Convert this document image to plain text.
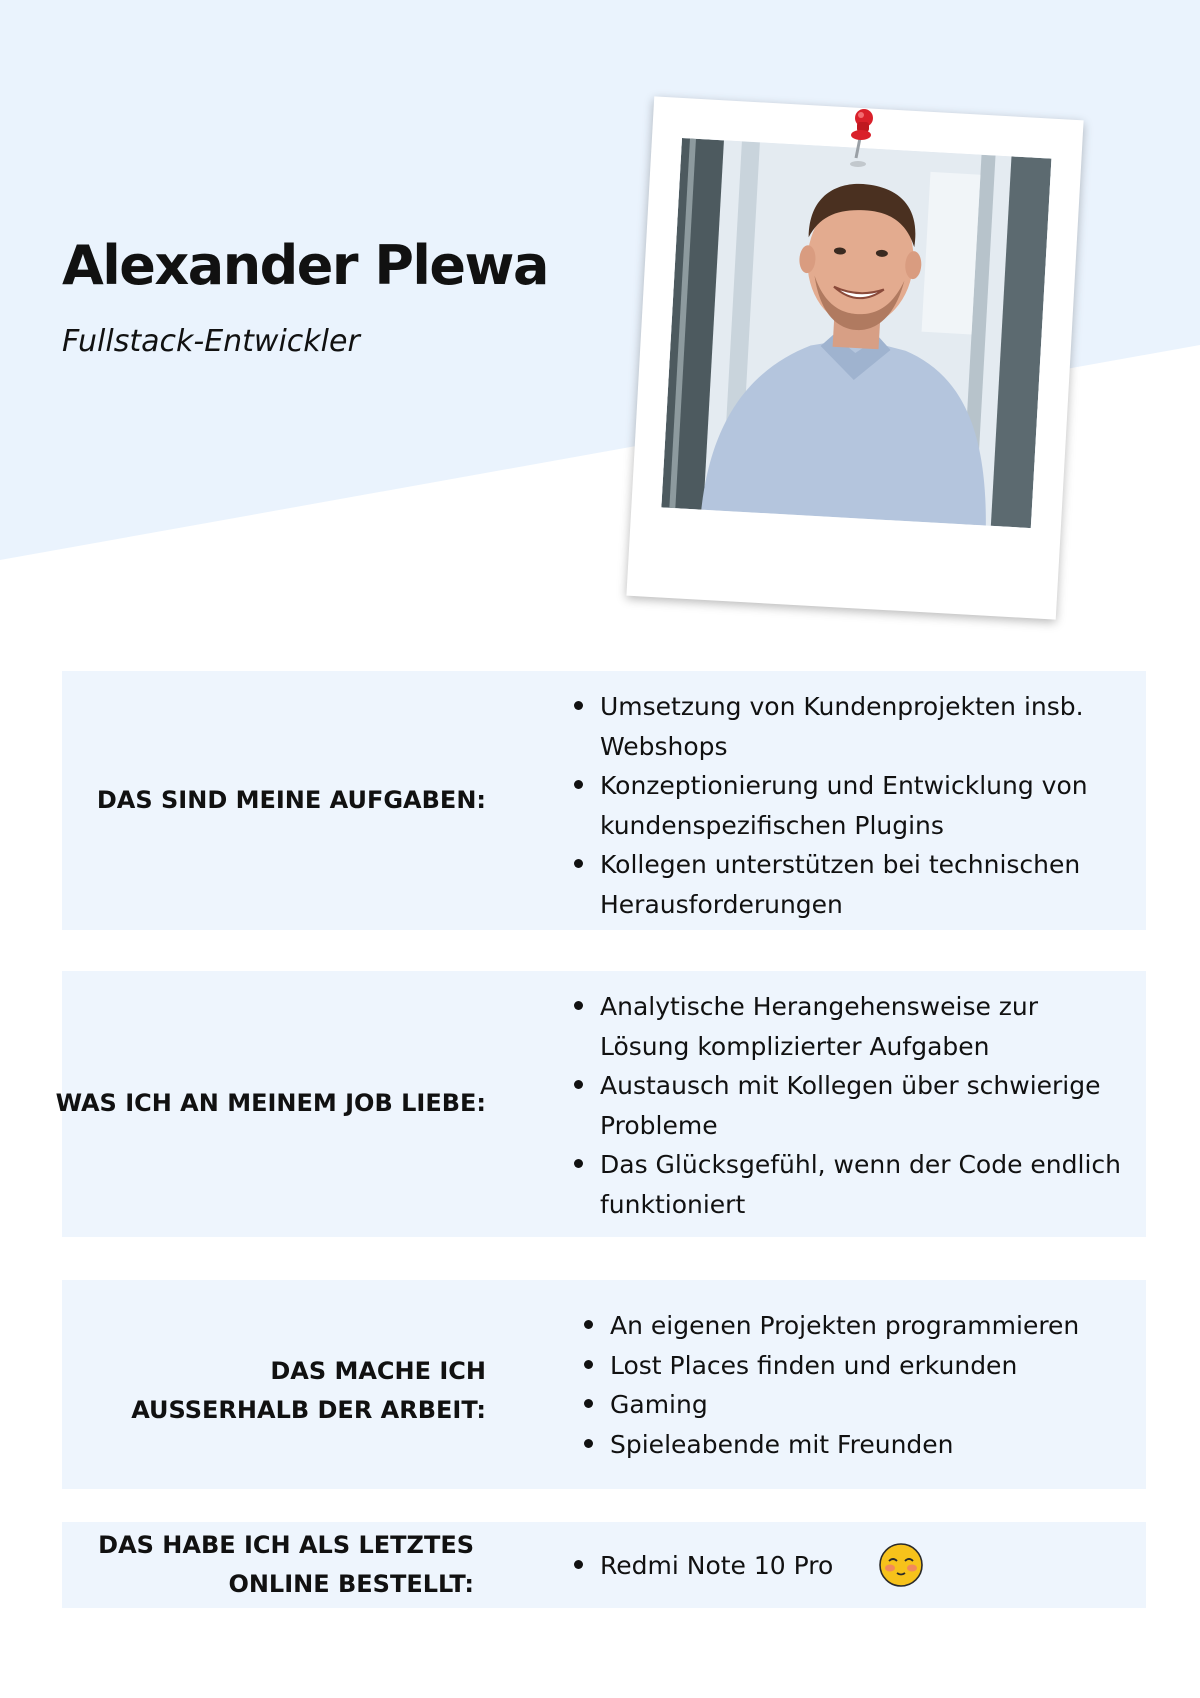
Alexander Plewa
Fullstack-Entwickler
DAS SIND MEINE AUFGABEN:
Umsetzung von Kundenprojekten insb. Webshops
Konzeptionierung und Entwicklung von kundenspezifischen Plugins
Kollegen unterstützen bei technischen Herausforderungen
WAS ICH AN MEINEM JOB LIEBE:
Analytische Herangehensweise zur Lösung komplizierter Aufgaben
Austausch mit Kollegen über schwierige Probleme
Das Glücksgefühl, wenn der Code endlich funktioniert
DAS MACHE ICH
AUSSERHALB DER ARBEIT:
An eigenen Projekten programmieren
Lost Places finden und erkunden
Gaming
Spieleabende mit Freunden
DAS HABE ICH ALS LETZTES
ONLINE BESTELLT:
Redmi Note 10 Pro
